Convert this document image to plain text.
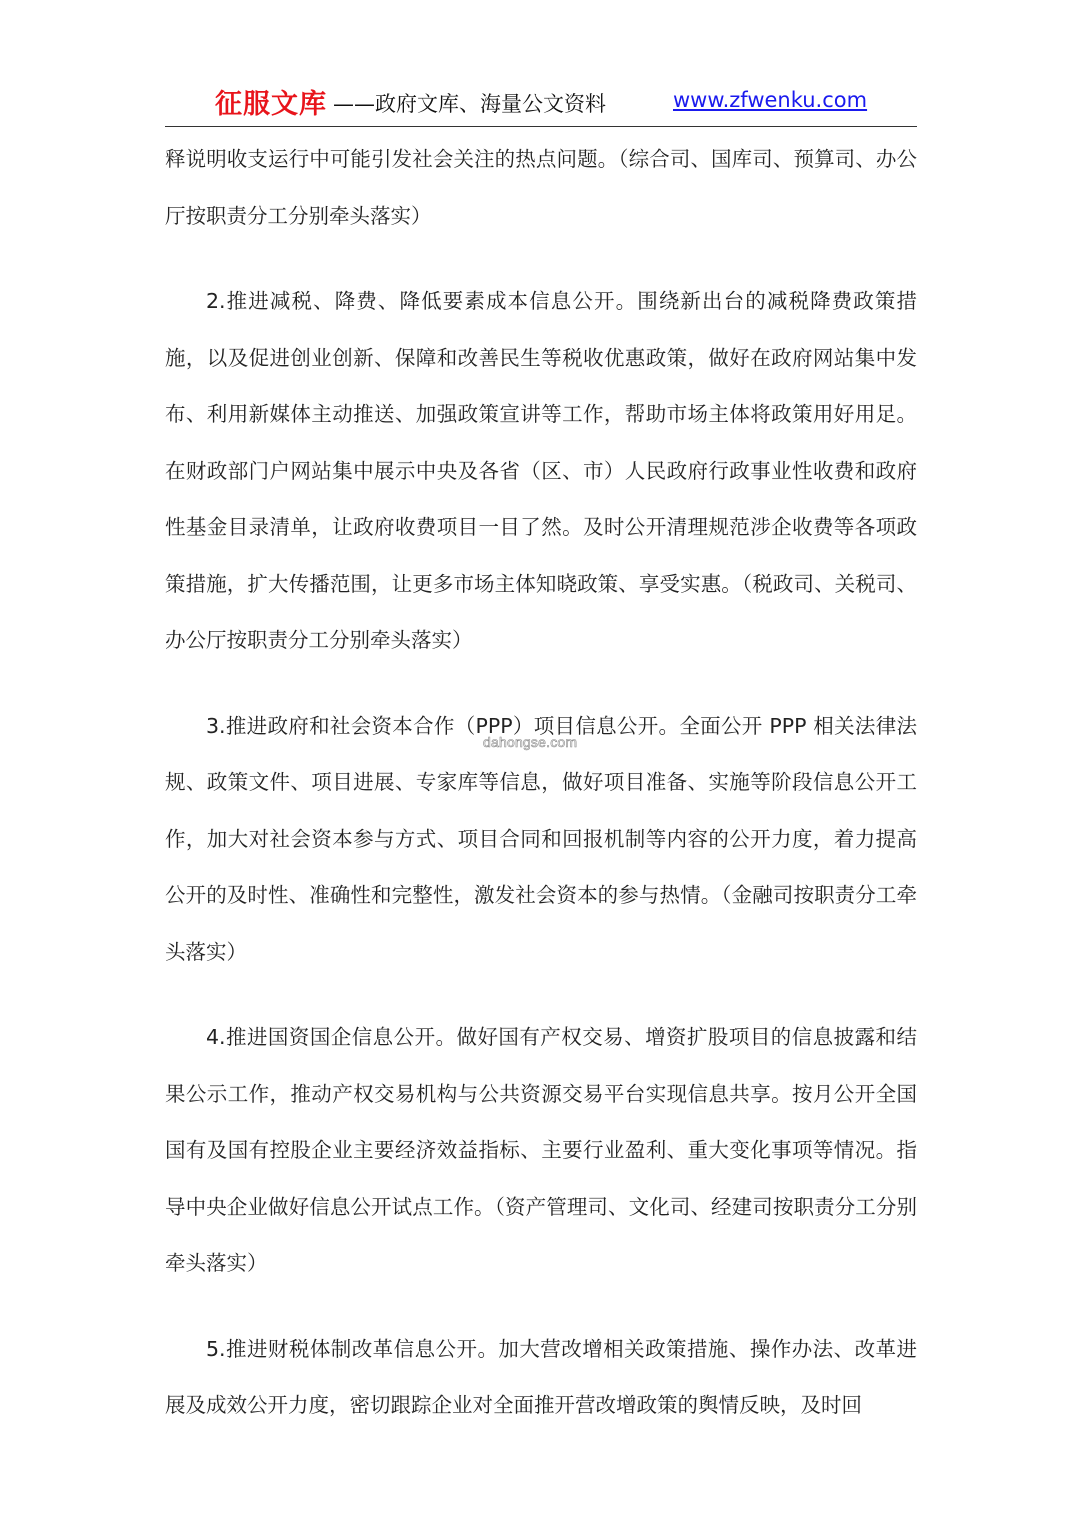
征服文库 ——政府文库、海量公文资料	www.zfwenku.com
dahongse.com

释说明收支运行中可能引发社会关注的热点问题。（综合司、国库司、预算司、办公厅按职责分工分别牵头落实）

2.推进减税、降费、降低要素成本信息公开。围绕新出台的减税降费政策措施，以及促进创业创新、保障和改善民生等税收优惠政策，做好在政府网站集中发布、利用新媒体主动推送、加强政策宣讲等工作，帮助市场主体将政策用好用足。在财政部门户网站集中展示中央及各省（区、市）人民政府行政事业性收费和政府性基金目录清单，让政府收费项目一目了然。及时公开清理规范涉企收费等各项政策措施，扩大传播范围，让更多市场主体知晓政策、享受实惠。（税政司、关税司、办公厅按职责分工分别牵头落实）

3.推进政府和社会资本合作（PPP）项目信息公开。全面公开 PPP 相关法律法规、政策文件、项目进展、专家库等信息，做好项目准备、实施等阶段信息公开工作，加大对社会资本参与方式、项目合同和回报机制等内容的公开力度，着力提高公开的及时性、准确性和完整性，激发社会资本的参与热情。（金融司按职责分工牵头落实）

4.推进国资国企信息公开。做好国有产权交易、增资扩股项目的信息披露和结果公示工作，推动产权交易机构与公共资源交易平台实现信息共享。按月公开全国国有及国有控股企业主要经济效益指标、主要行业盈利、重大变化事项等情况。指导中央企业做好信息公开试点工作。（资产管理司、文化司、经建司按职责分工分别牵头落实）

5.推进财税体制改革信息公开。加大营改增相关政策措施、操作办法、改革进展及成效公开力度，密切跟踪企业对全面推开营改增政策的舆情反映，及时回
